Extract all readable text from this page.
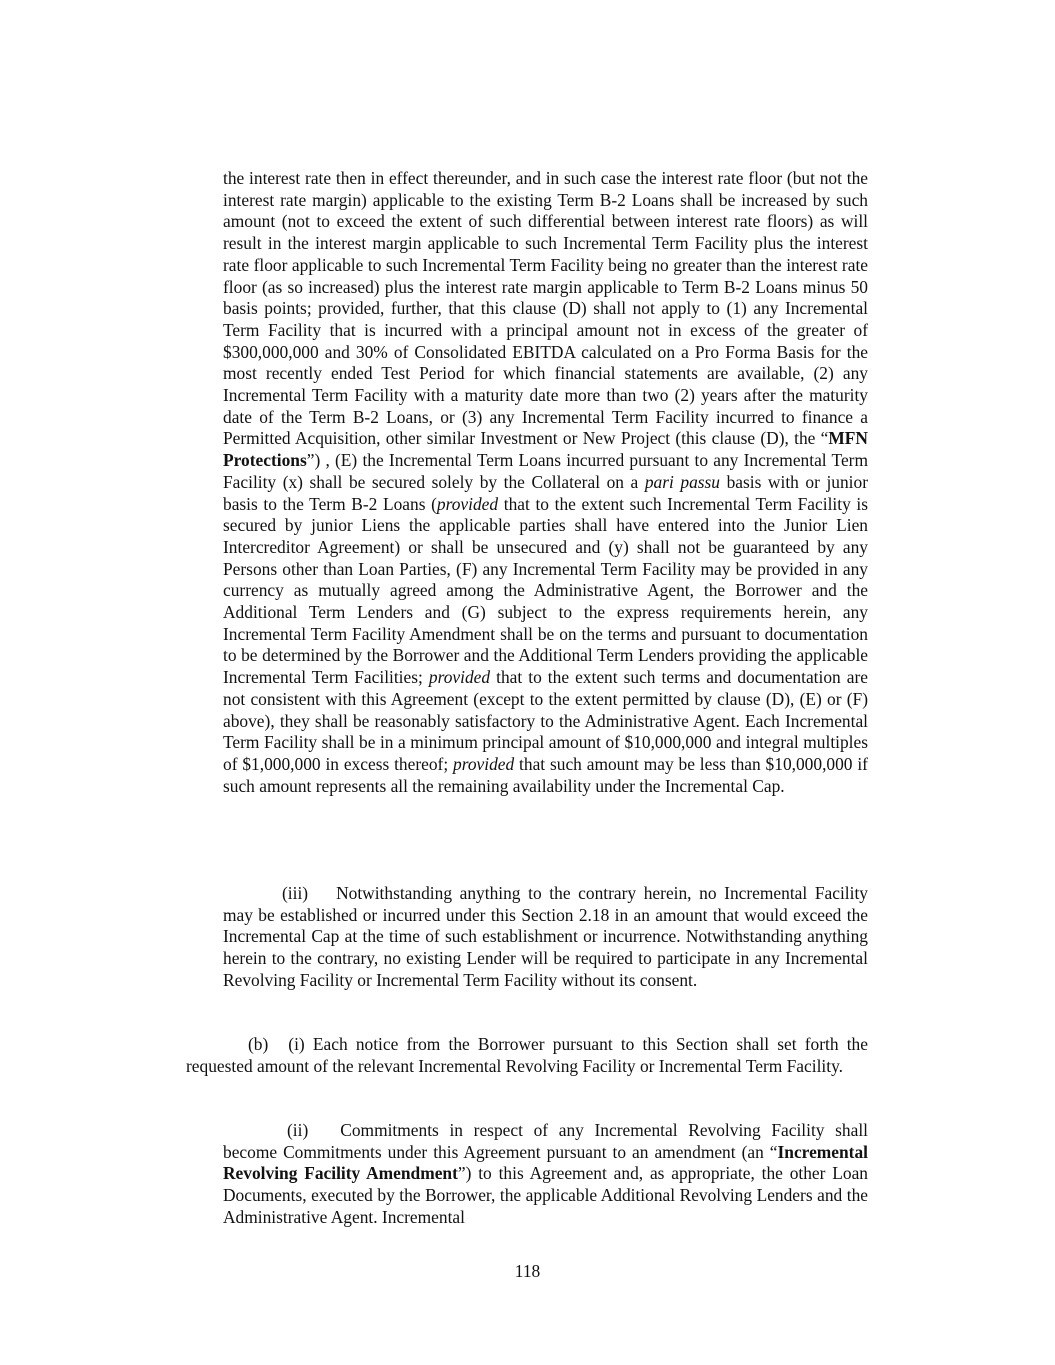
the interest rate then in effect thereunder, and in such case the interest rate floor (but not the interest rate margin) applicable to the existing Term B-2 Loans shall be increased by such amount (not to exceed the extent of such differential between interest rate floors) as will result in the interest margin applicable to such Incremental Term Facility plus the interest rate floor applicable to such Incremental Term Facility being no greater than the interest rate floor (as so increased) plus the interest rate margin applicable to Term B-2 Loans minus 50 basis points; provided, further, that this clause (D) shall not apply to (1) any Incremental Term Facility that is incurred with a principal amount not in excess of the greater of $300,000,000 and 30% of Consolidated EBITDA calculated on a Pro Forma Basis for the most recently ended Test Period for which financial statements are available, (2) any Incremental Term Facility with a maturity date more than two (2) years after the maturity date of the Term B-2 Loans, or (3) any Incremental Term Facility incurred to finance a Permitted Acquisition, other similar Investment or New Project (this clause (D), the “MFN Protections”) , (E) the Incremental Term Loans incurred pursuant to any Incremental Term Facility (x) shall be secured solely by the Collateral on a pari passu basis with or junior basis to the Term B-2 Loans (provided that to the extent such Incremental Term Facility is secured by junior Liens the applicable parties shall have entered into the Junior Lien Intercreditor Agreement) or shall be unsecured and (y) shall not be guaranteed by any Persons other than Loan Parties, (F) any Incremental Term Facility may be provided in any currency as mutually agreed among the Administrative Agent, the Borrower and the Additional Term Lenders and (G) subject to the express requirements herein, any Incremental Term Facility Amendment shall be on the terms and pursuant to documentation to be determined by the Borrower and the Additional Term Lenders providing the applicable Incremental Term Facilities; provided that to the extent such terms and documentation are not consistent with this Agreement (except to the extent permitted by clause (D), (E) or (F) above), they shall be reasonably satisfactory to the Administrative Agent. Each Incremental Term Facility shall be in a minimum principal amount of $10,000,000 and integral multiples of $1,000,000 in excess thereof; provided that such amount may be less than $10,000,000 if such amount represents all the remaining availability under the Incremental Cap.

(iii) Notwithstanding anything to the contrary herein, no Incremental Facility may be established or incurred under this Section 2.18 in an amount that would exceed the Incremental Cap at the time of such establishment or incurrence. Notwithstanding anything herein to the contrary, no existing Lender will be required to participate in any Incremental Revolving Facility or Incremental Term Facility without its consent.

(b) (i) Each notice from the Borrower pursuant to this Section shall set forth the requested amount of the relevant Incremental Revolving Facility or Incremental Term Facility.

(ii) Commitments in respect of any Incremental Revolving Facility shall become Commitments under this Agreement pursuant to an amendment (an “Incremental Revolving Facility Amendment”) to this Agreement and, as appropriate, the other Loan Documents, executed by the Borrower, the applicable Additional Revolving Lenders and the Administrative Agent. Incremental

118
